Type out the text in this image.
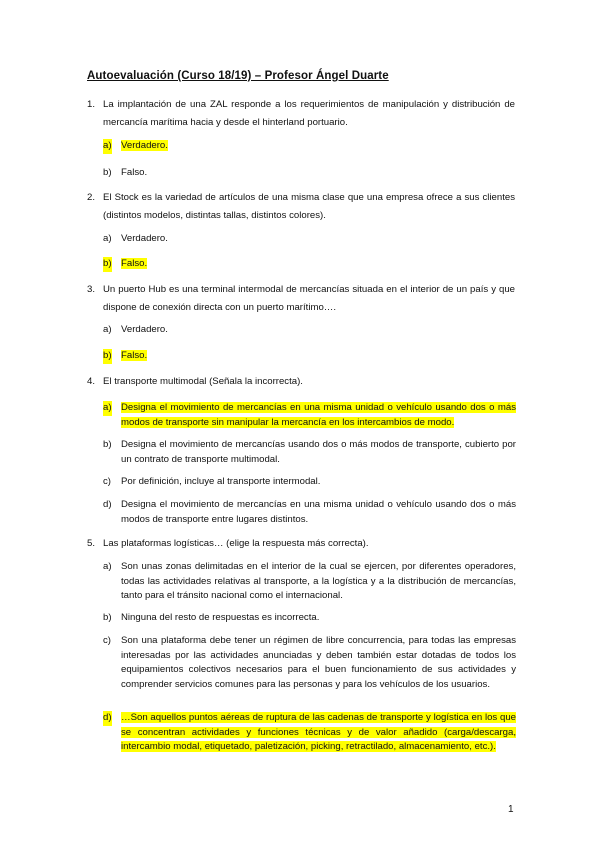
Autoevaluación (Curso 18/19) – Profesor Ángel Duarte
1. La implantación de una ZAL responde a los requerimientos de manipulación y distribución de mercancía marítima hacia y desde el hinterland portuario.
a) Verdadero.
b) Falso.
2. El Stock es la variedad de artículos de una misma clase que una empresa ofrece a sus clientes (distintos modelos, distintas tallas, distintos colores).
a) Verdadero.
b) Falso.
3. Un puerto Hub es una terminal intermodal de mercancías situada en el interior de un país y que dispone de conexión directa con un puerto marítimo….
a) Verdadero.
b) Falso.
4. El transporte multimodal (Señala la incorrecta).
a) Designa el movimiento de mercancías en una misma unidad o vehículo usando dos o más modos de transporte sin manipular la mercancía en los intercambios de modo.
b) Designa el movimiento de mercancías usando dos o más modos de transporte, cubierto por un contrato de transporte multimodal.
c) Por definición, incluye al transporte intermodal.
d) Designa el movimiento de mercancías en una misma unidad o vehículo usando dos o más modos de transporte entre lugares distintos.
5. Las plataformas logísticas… (elige la respuesta más correcta).
a) Son unas zonas delimitadas en el interior de la cual se ejercen, por diferentes operadores, todas las actividades relativas al transporte, a la logística y a la distribución de mercancías, tanto para el tránsito nacional como el internacional.
b) Ninguna del resto de respuestas es incorrecta.
c) Son una plataforma debe tener un régimen de libre concurrencia, para todas las empresas interesadas por las actividades anunciadas y deben también estar dotadas de todos los equipamientos colectivos necesarios para el buen funcionamiento de sus actividades y comprender servicios comunes para las personas y para los vehículos de los usuarios.
d) …Son aquellos puntos aéreas de ruptura de las cadenas de transporte y logística en los que se concentran actividades y funciones técnicas y de valor añadido (carga/descarga, intercambio modal, etiquetado, paletización, picking, retractilado, almacenamiento, etc.).
1
